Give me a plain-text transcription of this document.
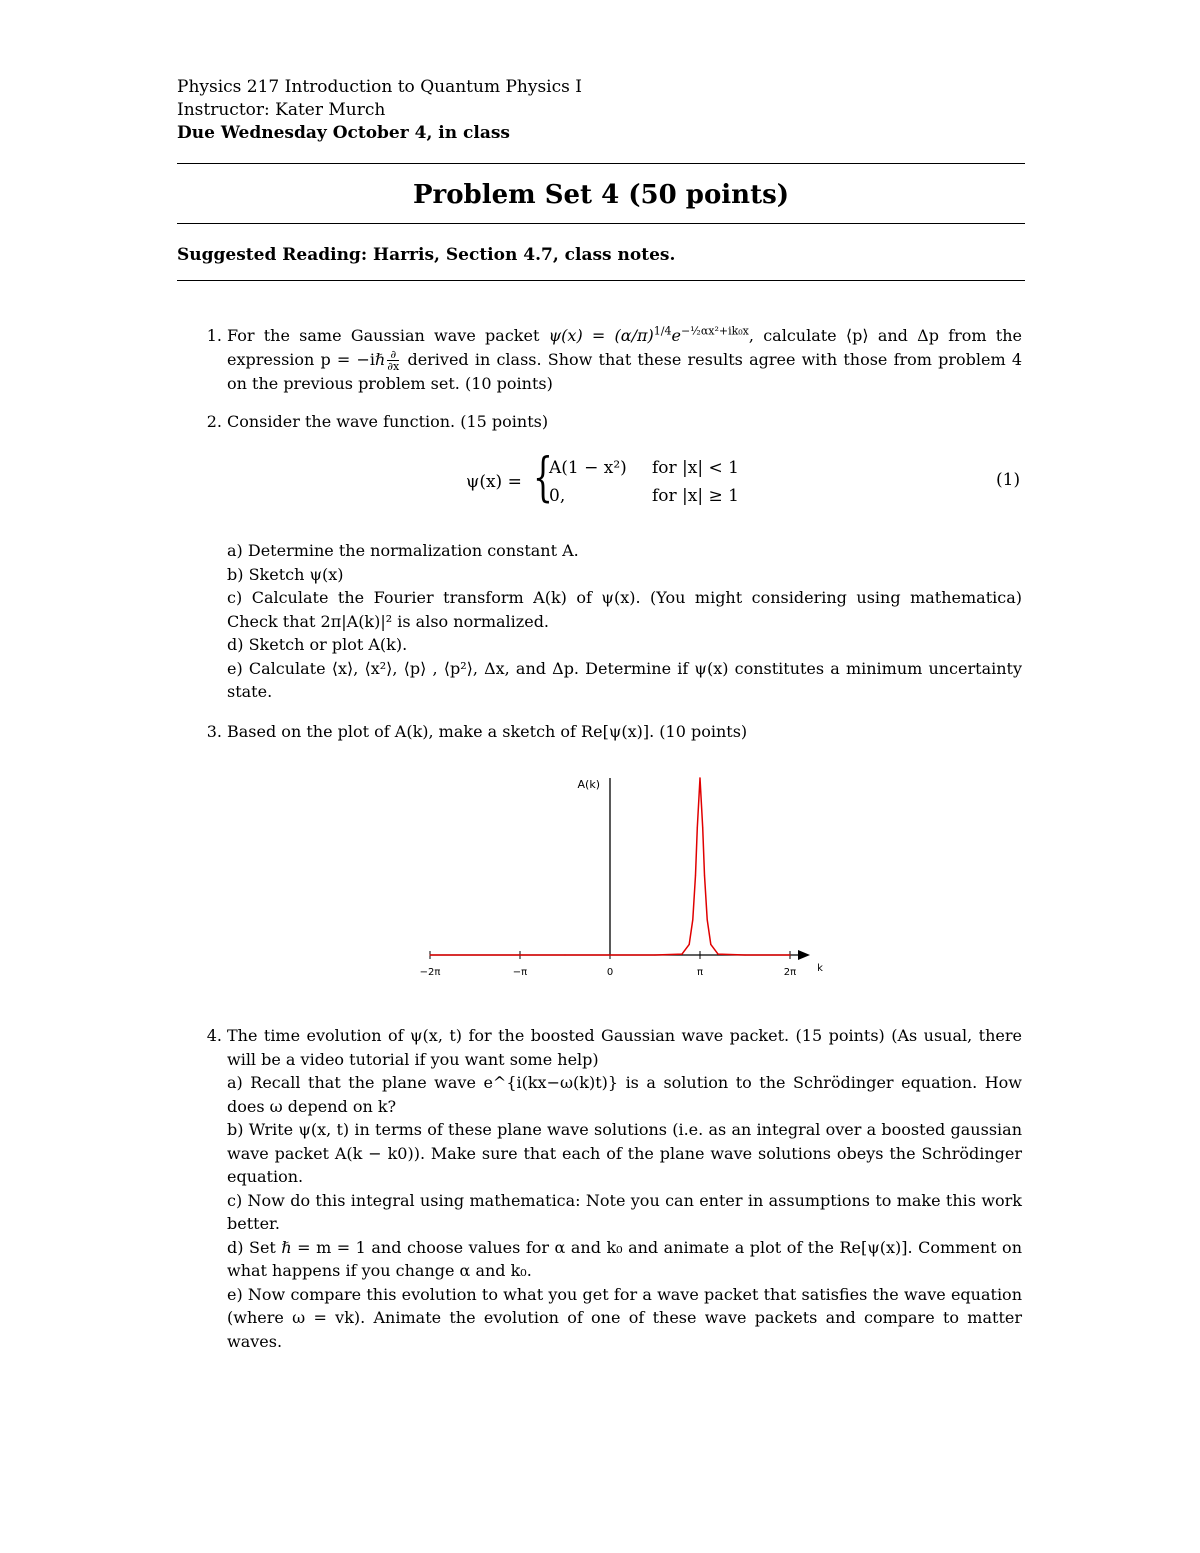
Physics 217 Introduction to Quantum Physics I
Instructor: Kater Murch
Due Wednesday October 4, in class
Problem Set 4 (50 points)
Suggested Reading: Harris, Section 4.7, class notes.
1. For the same Gaussian wave packet $\psi(x) = (\alpha/\pi)^{1/4}e^{-\frac{1}{2}\alpha x^2+ik_0x}$, calculate ⟨p⟩ and Δp from the expression p = −iℏ $\frac{\partial}{\partial x}$ derived in class. Show that these results agree with those from problem 4 on the previous problem set. (10 points)
2. Consider the wave function. (15 points)
ψ(x) = {
A(1 − x²) for |x| < 1
0,	for |x| ≥ 1
(1)
a) Determine the normalization constant A.
b) Sketch ψ(x)
c) Calculate the Fourier transform A(k) of ψ(x). (You might considering using mathematica) Check that 2π|A(k)|² is also normalized.
d) Sketch or plot A(k).
e) Calculate ⟨x⟩, ⟨x²⟩, ⟨p⟩ , ⟨p²⟩, Δx, and Δp. Determine if ψ(x) constitutes a minimum uncertainty state.
3. Based on the plot of A(k), make a sketch of Re[ψ(x)]. (10 points)
−2π	−π	0	π	2π
A(k)
k
4. The time evolution of ψ(x, t) for the boosted Gaussian wave packet. (15 points) (As usual, there will be a video tutorial if you want some help)
a) Recall that the plane wave e^{i(kx−ω(k)t)} is a solution to the Schrödinger equation. How does ω depend on k?
b) Write ψ(x, t) in terms of these plane wave solutions (i.e. as an integral over a boosted gaussian wave packet A(k − k0)). Make sure that each of the plane wave solutions obeys the Schrödinger equation.
c) Now do this integral using mathematica: Note you can enter in assumptions to make this work better.
d) Set ℏ = m = 1 and choose values for α and k₀ and animate a plot of the Re[ψ(x)]. Comment on what happens if you change α and k₀.
e) Now compare this evolution to what you get for a wave packet that satisfies the wave equation (where ω = vk). Animate the evolution of one of these wave packets and compare to matter waves.
